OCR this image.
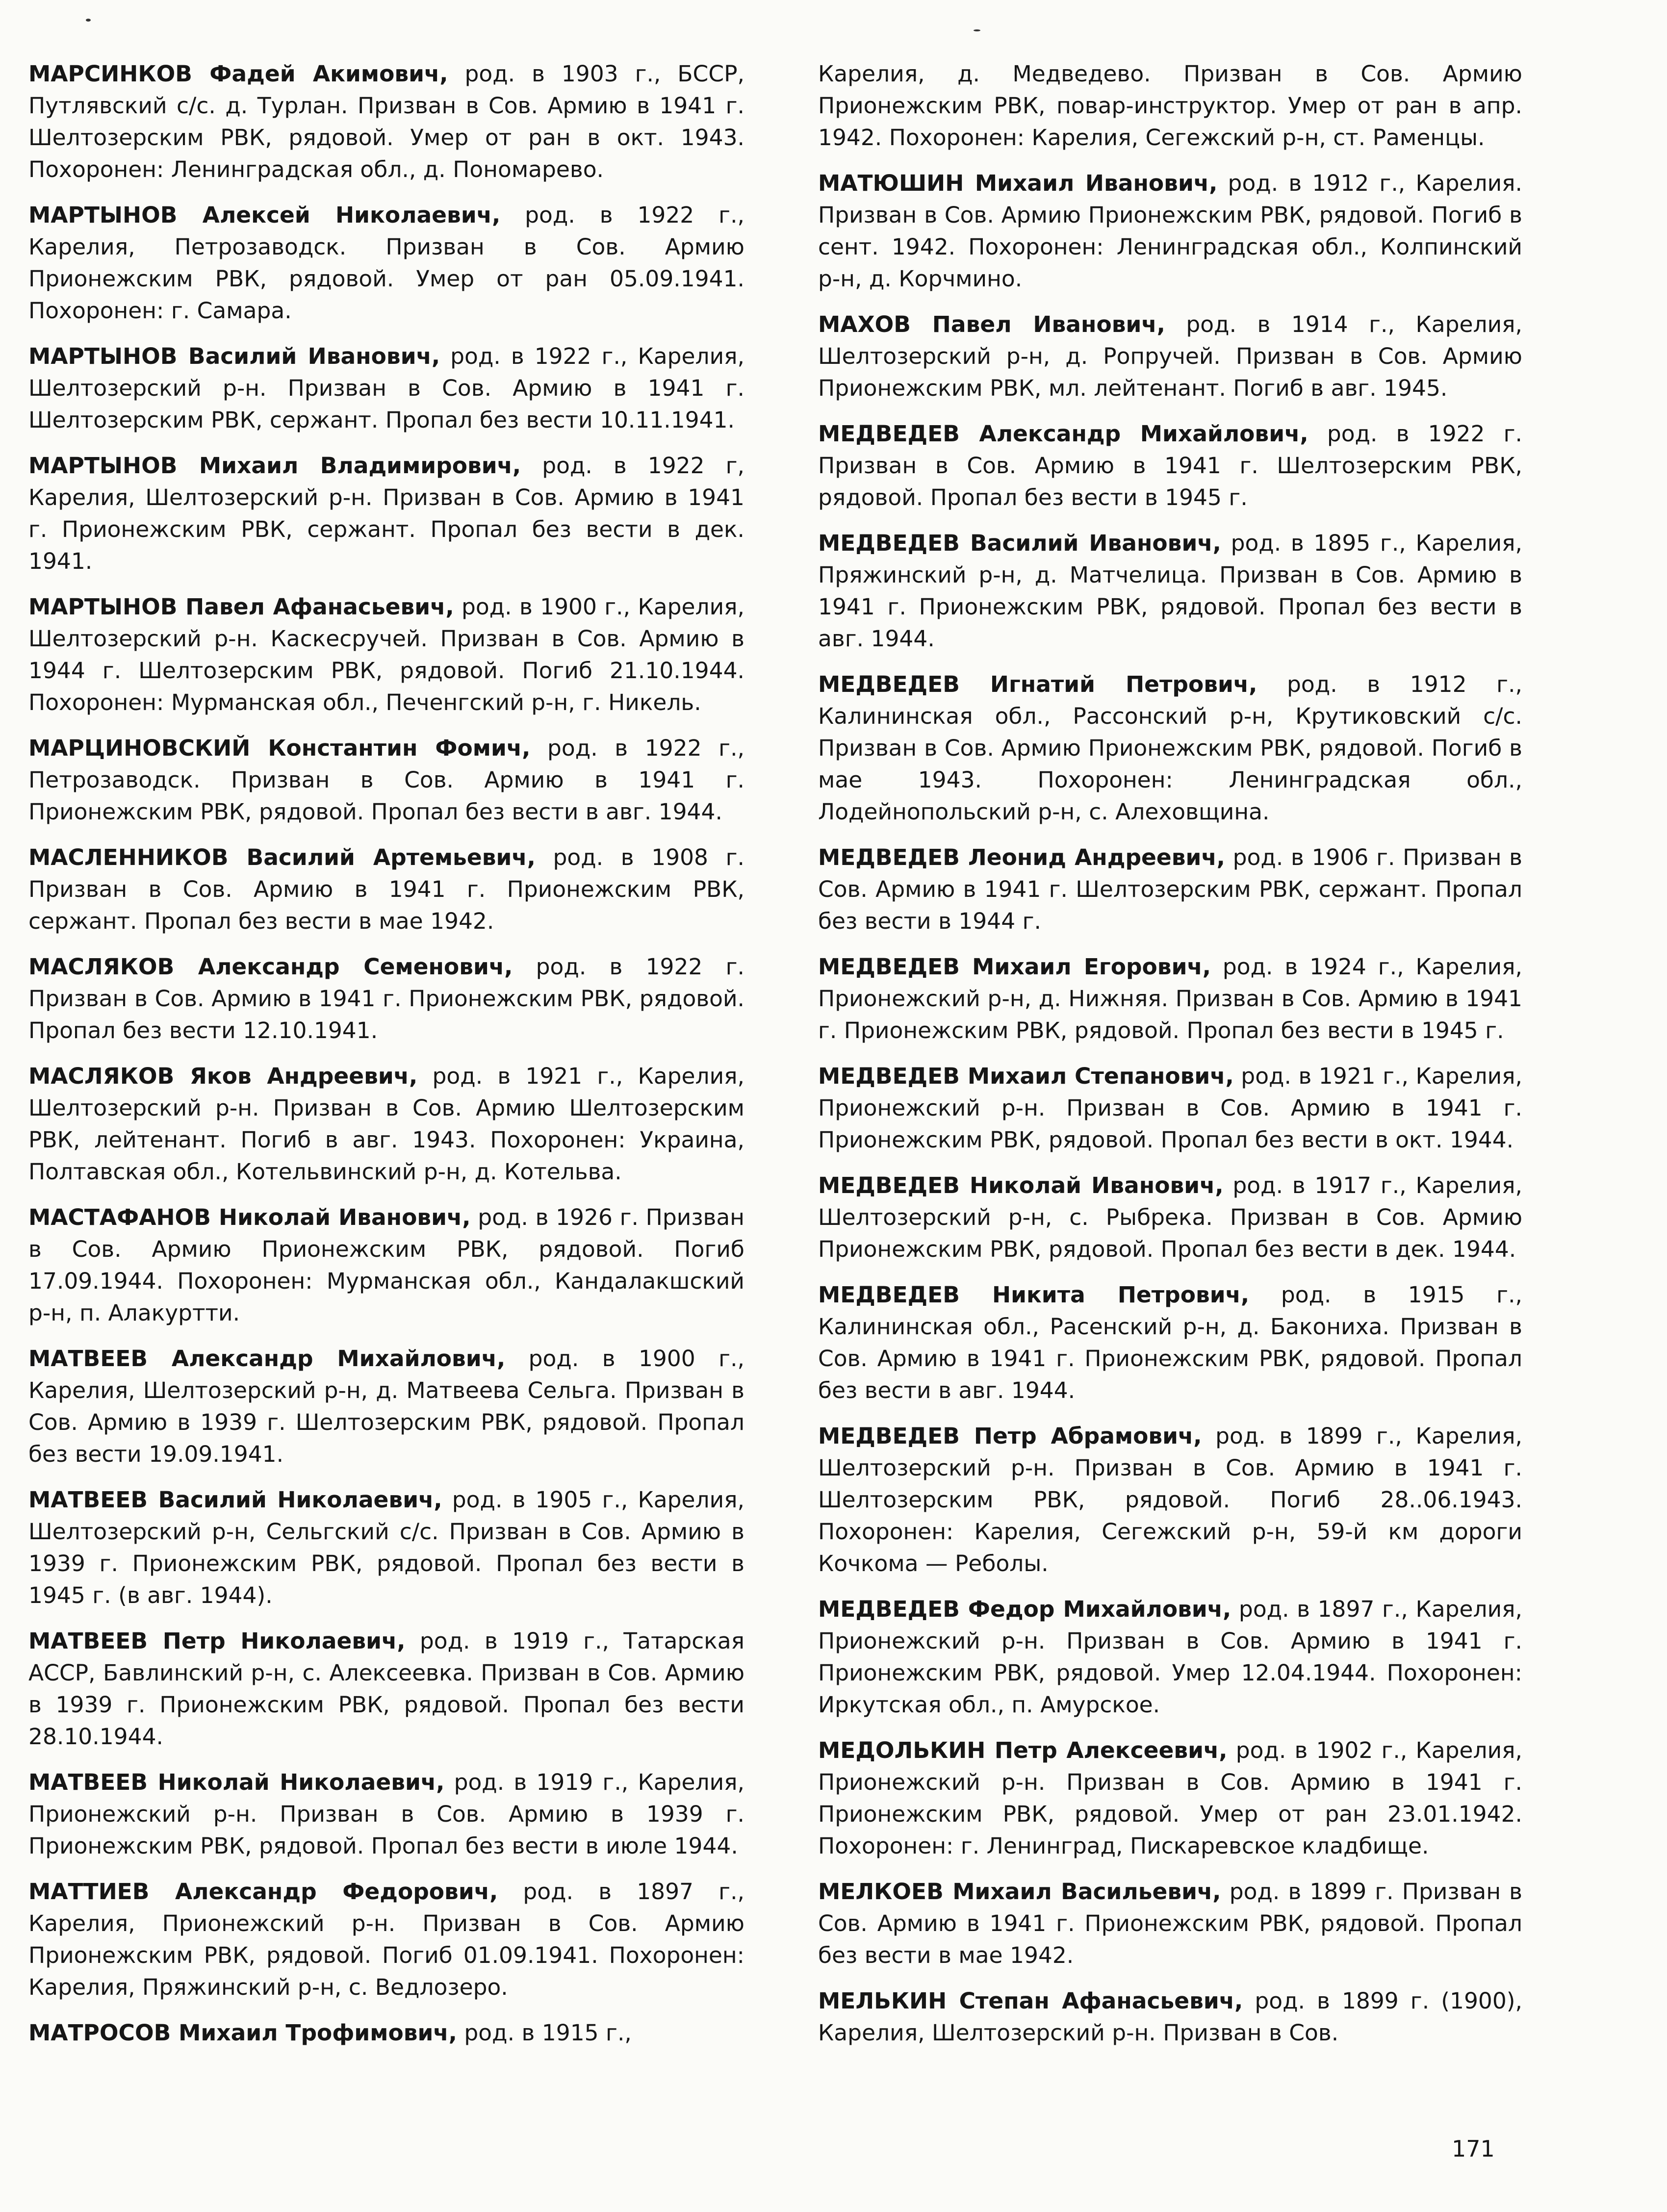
МАРСИНКОВ Фадей Акимович, род. в 1903 г., БССР, Путлявский с/с. д. Турлан. Призван в Сов. Армию в 1941 г. Шелтозерским РВК, рядовой. Умер от ран в окт. 1943. Похоронен: Ленинградская обл., д. Пономарево.

МАРТЫНОВ Алексей Николаевич, род. в 1922 г., Карелия, Петрозаводск. Призван в Сов. Армию Прионежским РВК, рядовой. Умер от ран 05.09.1941. Похоронен: г. Самара.

МАРТЫНОВ Василий Иванович, род. в 1922 г., Карелия, Шелтозерский р-н. Призван в Сов. Армию в 1941 г. Шелтозерским РВК, сержант. Пропал без вести 10.11.1941.

МАРТЫНОВ Михаил Владимирович, род. в 1922 г, Карелия, Шелтозерский р-н. Призван в Сов. Армию в 1941 г. Прионежским РВК, сержант. Пропал без вести в дек. 1941.

МАРТЫНОВ Павел Афанасьевич, род. в 1900 г., Карелия, Шелтозерский р-н. Каскесручей. Призван в Сов. Армию в 1944 г. Шелтозерским РВК, рядовой. Погиб 21.10.1944. Похоронен: Мурманская обл., Печенгский р-н, г. Никель.

МАРЦИНОВСКИЙ Константин Фомич, род. в 1922 г., Петрозаводск. Призван в Сов. Армию в 1941 г. Прионежским РВК, рядовой. Пропал без вести в авг. 1944.

МАСЛЕННИКОВ Василий Артемьевич, род. в 1908 г. Призван в Сов. Армию в 1941 г. Прионежским РВК, сержант. Пропал без вести в мае 1942.

МАСЛЯКОВ Александр Семенович, род. в 1922 г. Призван в Сов. Армию в 1941 г. Прионежским РВК, рядовой. Пропал без вести 12.10.1941.

МАСЛЯКОВ Яков Андреевич, род. в 1921 г., Карелия, Шелтозерский р-н. Призван в Сов. Армию Шелтозерским РВК, лейтенант. Погиб в авг. 1943. Похоронен: Украина, Полтавская обл., Котельвинский р-н, д. Котельва.

МАСТАФАНОВ Николай Иванович, род. в 1926 г. Призван в Сов. Армию Прионежским РВК, рядовой. Погиб 17.09.1944. Похоронен: Мурманская обл., Кандалакшский р-н, п. Алакуртти.

МАТВЕЕВ Александр Михайлович, род. в 1900 г., Карелия, Шелтозерский р-н, д. Матвеева Сельга. Призван в Сов. Армию в 1939 г. Шелтозерским РВК, рядовой. Пропал без вести 19.09.1941.

МАТВЕЕВ Василий Николаевич, род. в 1905 г., Карелия, Шелтозерский р-н, Сельгский с/с. Призван в Сов. Армию в 1939 г. Прионежским РВК, рядовой. Пропал без вести в 1945 г. (в авг. 1944).

МАТВЕЕВ Петр Николаевич, род. в 1919 г., Татарская АССР, Бавлинский р-н, с. Алексеевка. Призван в Сов. Армию в 1939 г. Прионежским РВК, рядовой. Пропал без вести 28.10.1944.

МАТВЕЕВ Николай Николаевич, род. в 1919 г., Карелия, Прионежский р-н. Призван в Сов. Армию в 1939 г. Прионежским РВК, рядовой. Пропал без вести в июле 1944.

МАТТИЕВ Александр Федорович, род. в 1897 г., Карелия, Прионежский р-н. Призван в Сов. Армию Прионежским РВК, рядовой. Погиб 01.09.1941. Похоронен: Карелия, Пряжинский р-н, с. Ведлозеро.

МАТРОСОВ Михаил Трофимович, род. в 1915 г.,

Карелия, д. Медведево. Призван в Сов. Армию Прионежским РВК, повар-инструктор. Умер от ран в апр. 1942. Похоронен: Карелия, Сегежский р-н, ст. Раменцы.

МАТЮШИН Михаил Иванович, род. в 1912 г., Карелия. Призван в Сов. Армию Прионежским РВК, рядовой. Погиб в сент. 1942. Похоронен: Ленинградская обл., Колпинский р-н, д. Корчмино.

МАХОВ Павел Иванович, род. в 1914 г., Карелия, Шелтозерский р-н, д. Ропручей. Призван в Сов. Армию Прионежским РВК, мл. лейтенант. Погиб в авг. 1945.

МЕДВЕДЕВ Александр Михайлович, род. в 1922 г. Призван в Сов. Армию в 1941 г. Шелтозерским РВК, рядовой. Пропал без вести в 1945 г.

МЕДВЕДЕВ Василий Иванович, род. в 1895 г., Карелия, Пряжинский р-н, д. Матчелица. Призван в Сов. Армию в 1941 г. Прионежским РВК, рядовой. Пропал без вести в авг. 1944.

МЕДВЕДЕВ Игнатий Петрович, род. в 1912 г., Калининская обл., Рассонский р-н, Крутиковский с/с. Призван в Сов. Армию Прионежским РВК, рядовой. Погиб в мае 1943. Похоронен: Ленинградская обл., Лодейнопольский р-н, с. Алеховщина.

МЕДВЕДЕВ Леонид Андреевич, род. в 1906 г. Призван в Сов. Армию в 1941 г. Шелтозерским РВК, сержант. Пропал без вести в 1944 г.

МЕДВЕДЕВ Михаил Егорович, род. в 1924 г., Карелия, Прионежский р-н, д. Нижняя. Призван в Сов. Армию в 1941 г. Прионежским РВК, рядовой. Пропал без вести в 1945 г.

МЕДВЕДЕВ Михаил Степанович, род. в 1921 г., Карелия, Прионежский р-н. Призван в Сов. Армию в 1941 г. Прионежским РВК, рядовой. Пропал без вести в окт. 1944.

МЕДВЕДЕВ Николай Иванович, род. в 1917 г., Карелия, Шелтозерский р-н, с. Рыбрека. Призван в Сов. Армию Прионежским РВК, рядовой. Пропал без вести в дек. 1944.

МЕДВЕДЕВ Никита Петрович, род. в 1915 г., Калининская обл., Расенский р-н, д. Бакониха. Призван в Сов. Армию в 1941 г. Прионежским РВК, рядовой. Пропал без вести в авг. 1944.

МЕДВЕДЕВ Петр Абрамович, род. в 1899 г., Карелия, Шелтозерский р-н. Призван в Сов. Армию в 1941 г. Шелтозерским РВК, рядовой. Погиб 28..06.1943. Похоронен: Карелия, Сегежский р-н, 59-й км дороги Кочкома — Реболы.

МЕДВЕДЕВ Федор Михайлович, род. в 1897 г., Карелия, Прионежский р-н. Призван в Сов. Армию в 1941 г. Прионежским РВК, рядовой. Умер 12.04.1944. Похоронен: Иркутская обл., п. Амурское.

МЕДОЛЬКИН Петр Алексеевич, род. в 1902 г., Карелия, Прионежский р-н. Призван в Сов. Армию в 1941 г. Прионежским РВК, рядовой. Умер от ран 23.01.1942. Похоронен: г. Ленинград, Пискаревское кладбище.

МЕЛКОЕВ Михаил Васильевич, род. в 1899 г. Призван в Сов. Армию в 1941 г. Прионежским РВК, рядовой. Пропал без вести в мае 1942.

МЕЛЬКИН Степан Афанасьевич, род. в 1899 г. (1900), Карелия, Шелтозерский р-н. Призван в Сов.

171
